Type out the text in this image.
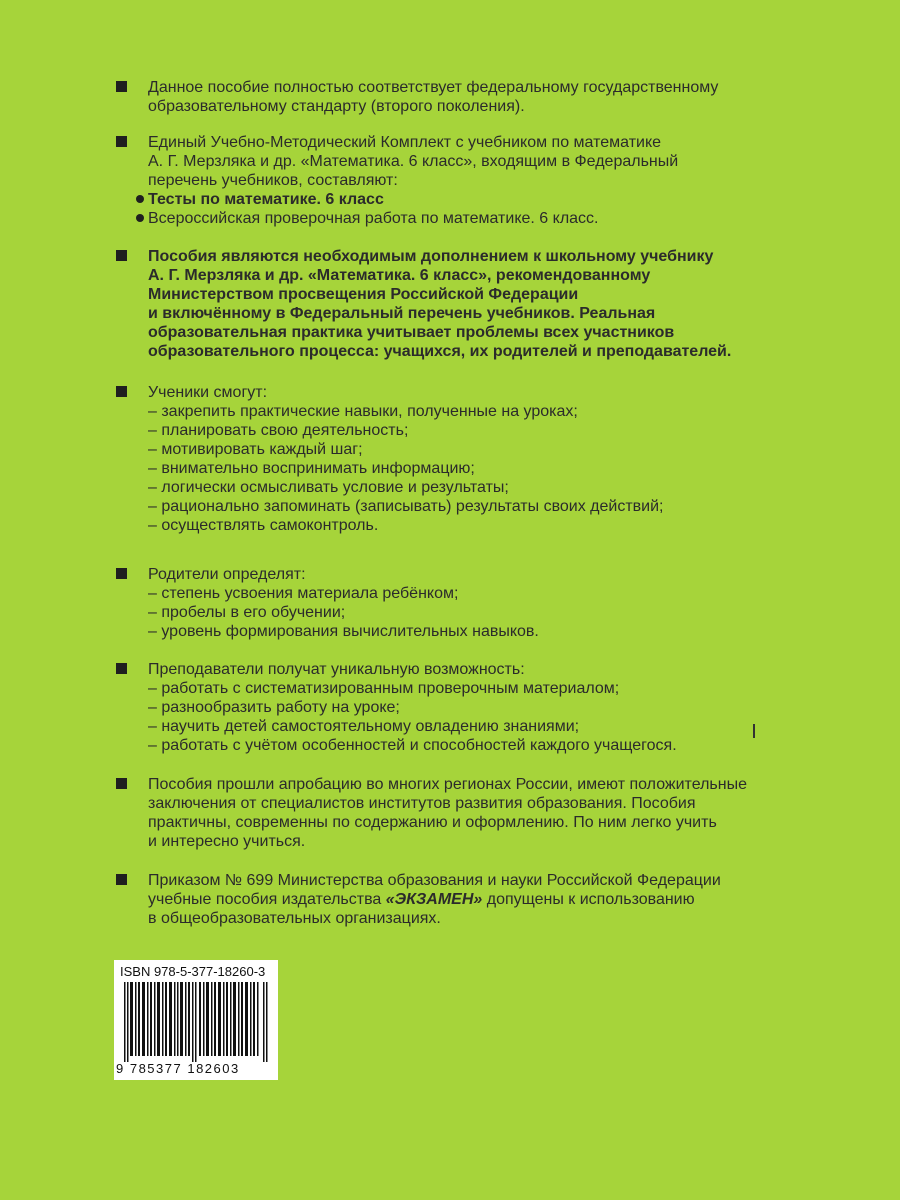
Данное пособие полностью соответствует федеральному государственному
образовательному стандарту (второго поколения).
Единый Учебно-Методический Комплект с учебником по математике
А. Г. Мерзляка и др. «Математика. 6 класс», входящим в Федеральный
перечень учебников, составляют:
Тесты по математике. 6 класс
Всероссийская проверочная работа по математике. 6 класс.
Пособия являются необходимым дополнением к школьному учебнику
А. Г. Мерзляка и др. «Математика. 6 класс», рекомендованному
Министерством просвещения Российской Федерации
и включённому в Федеральный перечень учебников. Реальная
образовательная практика учитывает проблемы всех участников
образовательного процесса: учащихся, их родителей и преподавателей.
Ученики смогут:
– закрепить практические навыки, полученные на уроках;
– планировать свою деятельность;
– мотивировать каждый шаг;
– внимательно воспринимать информацию;
– логически осмысливать условие и результаты;
– рационально запоминать (записывать) результаты своих действий;
– осуществлять самоконтроль.
Родители определят:
– степень усвоения материала ребёнком;
– пробелы в его обучении;
– уровень формирования вычислительных навыков.
Преподаватели получат уникальную возможность:
– работать с систематизированным проверочным материалом;
– разнообразить работу на уроке;
– научить детей самостоятельному овладению знаниями;
– работать с учётом особенностей и способностей каждого учащегося.
Пособия прошли апробацию во многих регионах России, имеют положительные
заключения от специалистов институтов развития образования. Пособия
практичны, современны по содержанию и оформлению. По ним легко учить
и интересно учиться.
Приказом № 699 Министерства образования и науки Российской Федерации
учебные пособия издательства «ЭКЗАМЕН» допущены к использованию
в общеобразовательных организациях.
ISBN 978-5-377-18260-3
9 785377 182603
